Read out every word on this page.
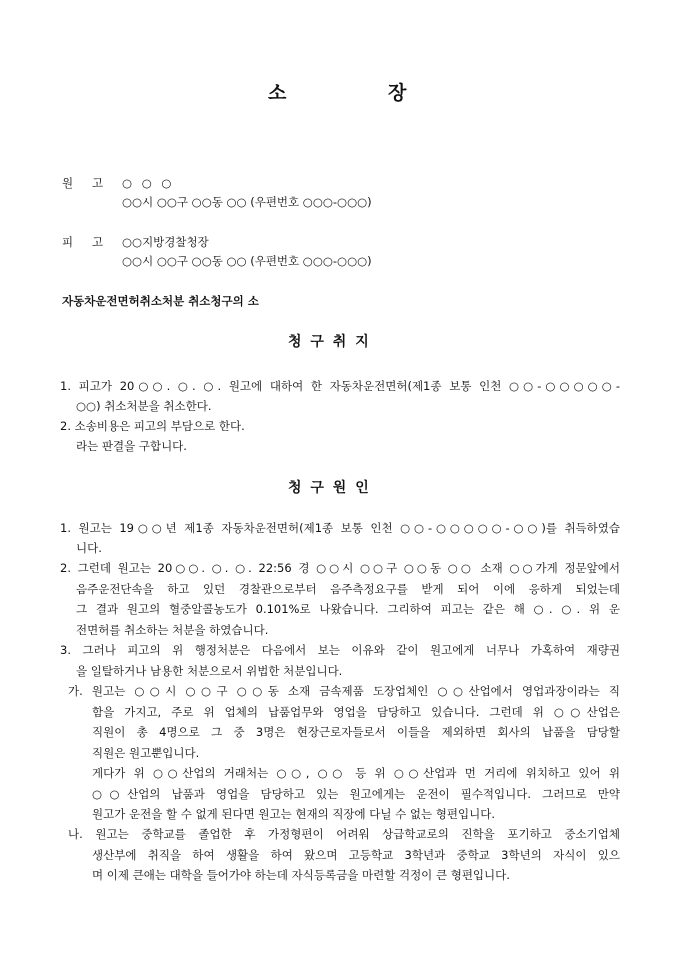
소	장
원 고 ○ ○ ○
○○시 ○○구 ○○동 ○○ (우편번호 ○○○-○○○)
피 고 ○○지방경찰청장
○○시 ○○구 ○○동 ○○ (우편번호 ○○○-○○○)
자동차운전면허취소처분 취소청구의 소
청 구 취 지
1. 피고가 20○○. ○. ○. 원고에 대하여 한 자동차운전면허(제1종 보통 인천 ○○-○○○○○-
○○) 취소처분을 취소한다.
2. 소송비용은 피고의 부담으로 한다.
라는 판결을 구합니다.
청 구 원 인
1. 원고는 19○○년 제1종 자동차운전면허(제1종 보통 인천 ○○-○○○○○-○○)를 취득하였습
니다.
2. 그런데 원고는 20○○. ○. ○. 22:56 경 ○○시 ○○구 ○○동 ○○ 소재 ○○가게 정문앞에서
음주운전단속을 하고 있던 경찰관으로부터 음주측정요구를 받게 되어 이에 응하게 되었는데
그 결과 원고의 혈중알콜농도가 0.101%로 나왔습니다. 그리하여 피고는 같은 해 ○. ○. 위 운
전면허를 취소하는 처분을 하였습니다.
3. 그러나 피고의 위 행정처분은 다음에서 보는 이유와 같이 원고에게 너무나 가혹하여 재량권
을 일탈하거나 남용한 처분으로서 위법한 처분입니다.
가. 원고는 ○○시 ○○구 ○○동 소재 금속제품 도장업체인 ○○산업에서 영업과장이라는 직
함을 가지고, 주로 위 업체의 납품업무와 영업을 담당하고 있습니다. 그런데 위 ○○산업은
직원이 총 4명으로 그 중 3명은 현장근로자들로서 이들을 제외하면 회사의 납품을 담당할
직원은 원고뿐입니다.
게다가 위 ○○산업의 거래처는 ○○, ○○ 등 위 ○○산업과 먼 거리에 위치하고 있어 위
○○산업의 납품과 영업을 담당하고 있는 원고에게는 운전이 필수적입니다. 그러므로 만약
원고가 운전을 할 수 없게 된다면 원고는 현재의 직장에 다닐 수 없는 형편입니다.
나. 원고는 중학교를 졸업한 후 가정형편이 어려워 상급학교로의 진학을 포기하고 중소기업체
생산부에 취직을 하여 생활을 하여 왔으며 고등학교 3학년과 중학교 3학년의 자식이 있으
며 이제 큰애는 대학을 들어가야 하는데 자식등록금을 마련할 걱정이 큰 형편입니다.
